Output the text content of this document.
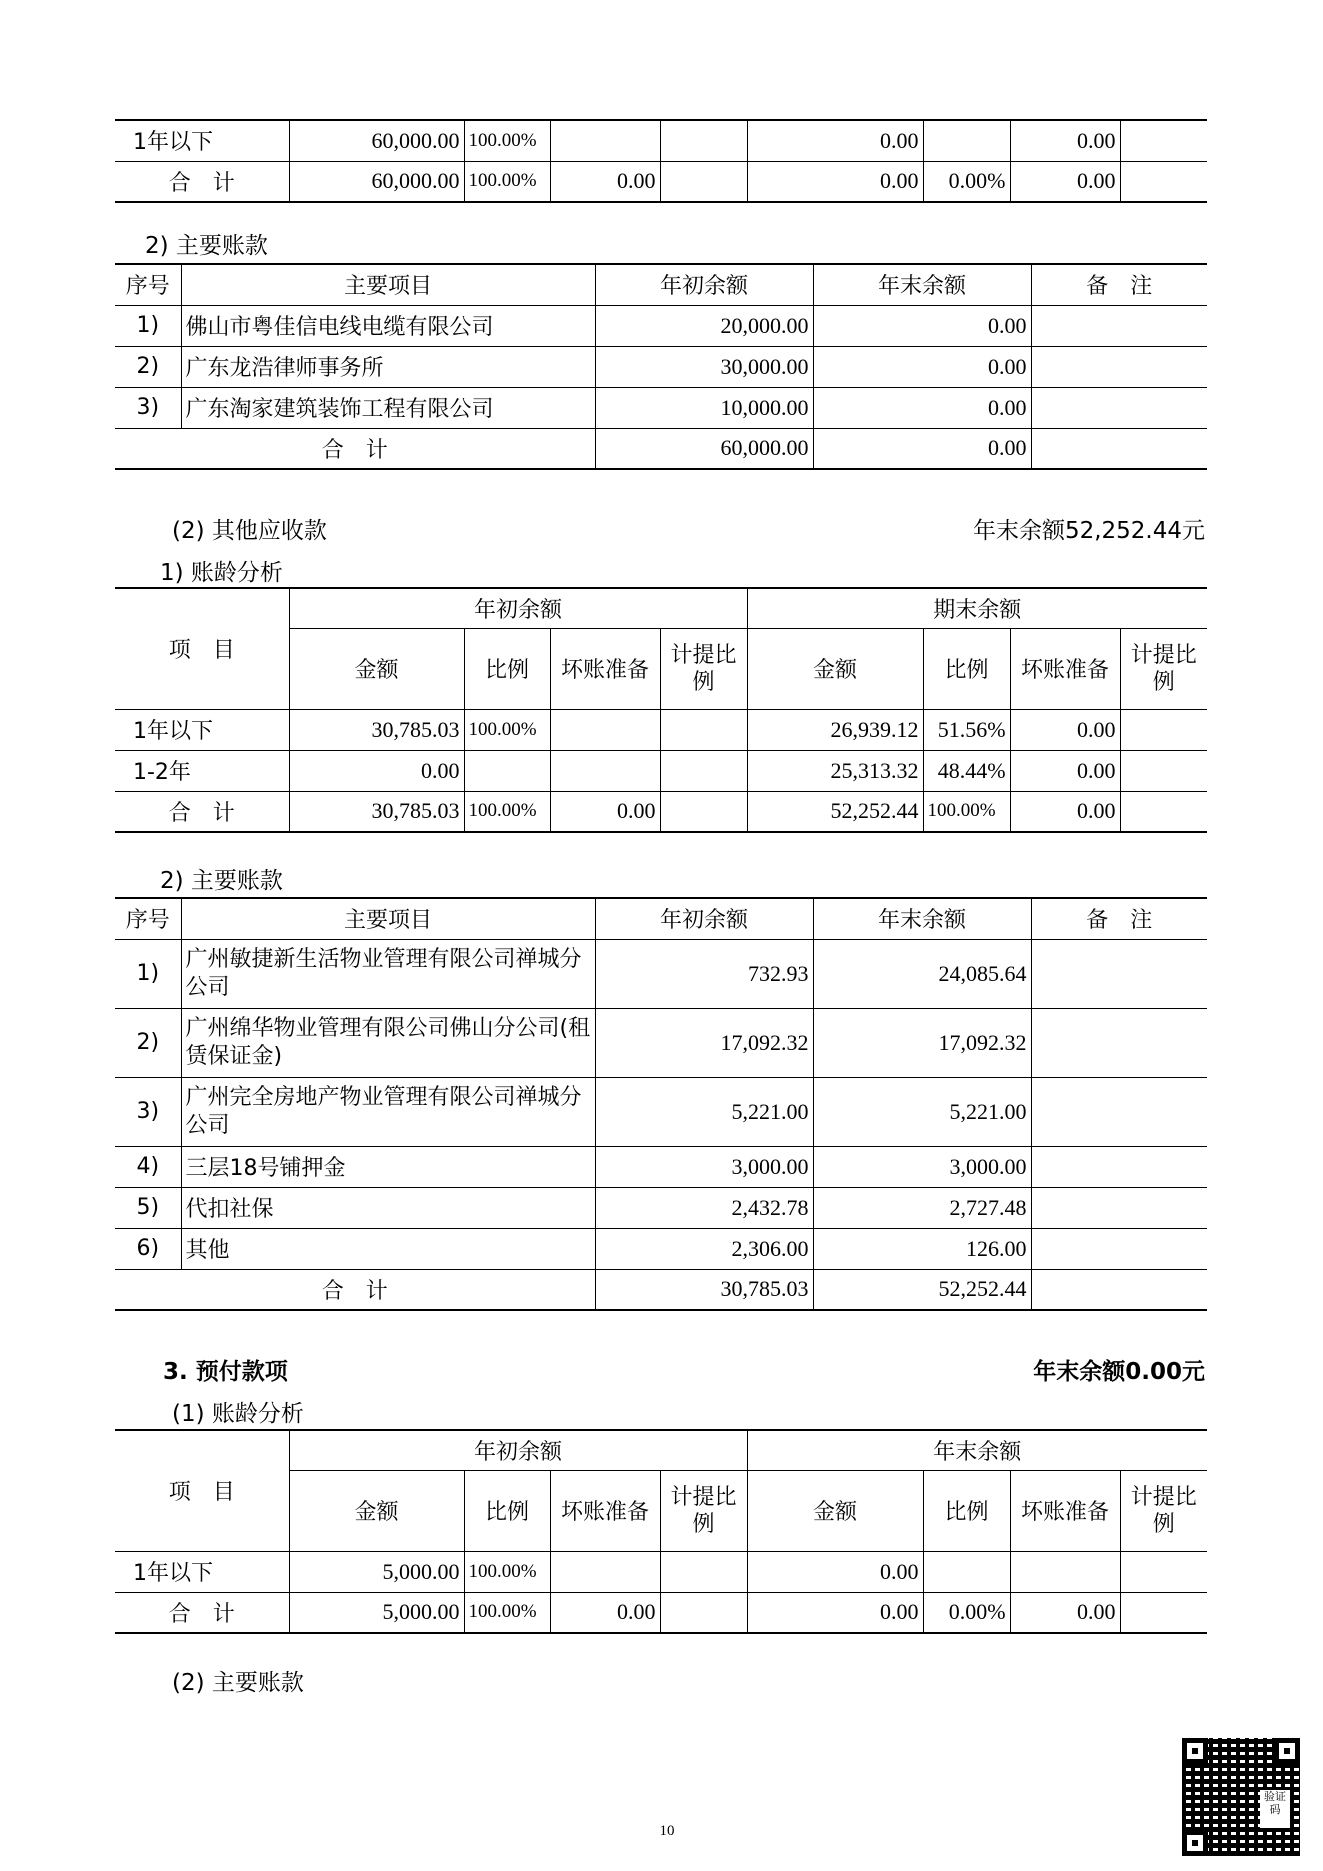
1年以下	60,000.00	100.00%			0.00		0.00	
合　计	60,000.00	100.00%	0.00		0.00	0.00%	0.00	
2) 主要账款
序号	主要项目	年初余额	年末余额	备　注
1)	佛山市粤佳信电线电缆有限公司	20,000.00	0.00	
2)	广东龙浩律师事务所	30,000.00	0.00	
3)	广东淘家建筑装饰工程有限公司	10,000.00	0.00	
合　计		60,000.00	0.00	
(2) 其他应收款	年末余额52,252.44元
1) 账龄分析
项　目	年初余额				期末余额			
	金额	比例	坏账准备	计提比例	金额	比例	坏账准备	计提比例
1年以下	30,785.03	100.00%			26,939.12	51.56%	0.00	
1-2年	0.00				25,313.32	48.44%	0.00	
合　计	30,785.03	100.00%	0.00		52,252.44	100.00%	0.00	
2) 主要账款
序号	主要项目	年初余额	年末余额	备　注
1)	广州敏捷新生活物业管理有限公司禅城分公司	732.93	24,085.64	
2)	广州绵华物业管理有限公司佛山分公司(租赁保证金)	17,092.32	17,092.32	
3)	广州完全房地产物业管理有限公司禅城分公司	5,221.00	5,221.00	
4)	三层18号铺押金	3,000.00	3,000.00	
5)	代扣社保	2,432.78	2,727.48	
6)	其他	2,306.00	126.00	
合　计		30,785.03	52,252.44	
3. 预付款项	年末余额0.00元
(1) 账龄分析
项　目	年初余额				年末余额			
	金额	比例	坏账准备	计提比例	金额	比例	坏账准备	计提比例
1年以下	5,000.00	100.00%			0.00			
合　计	5,000.00	100.00%	0.00		0.00	0.00%	0.00	
(2) 主要账款
10
验证码
